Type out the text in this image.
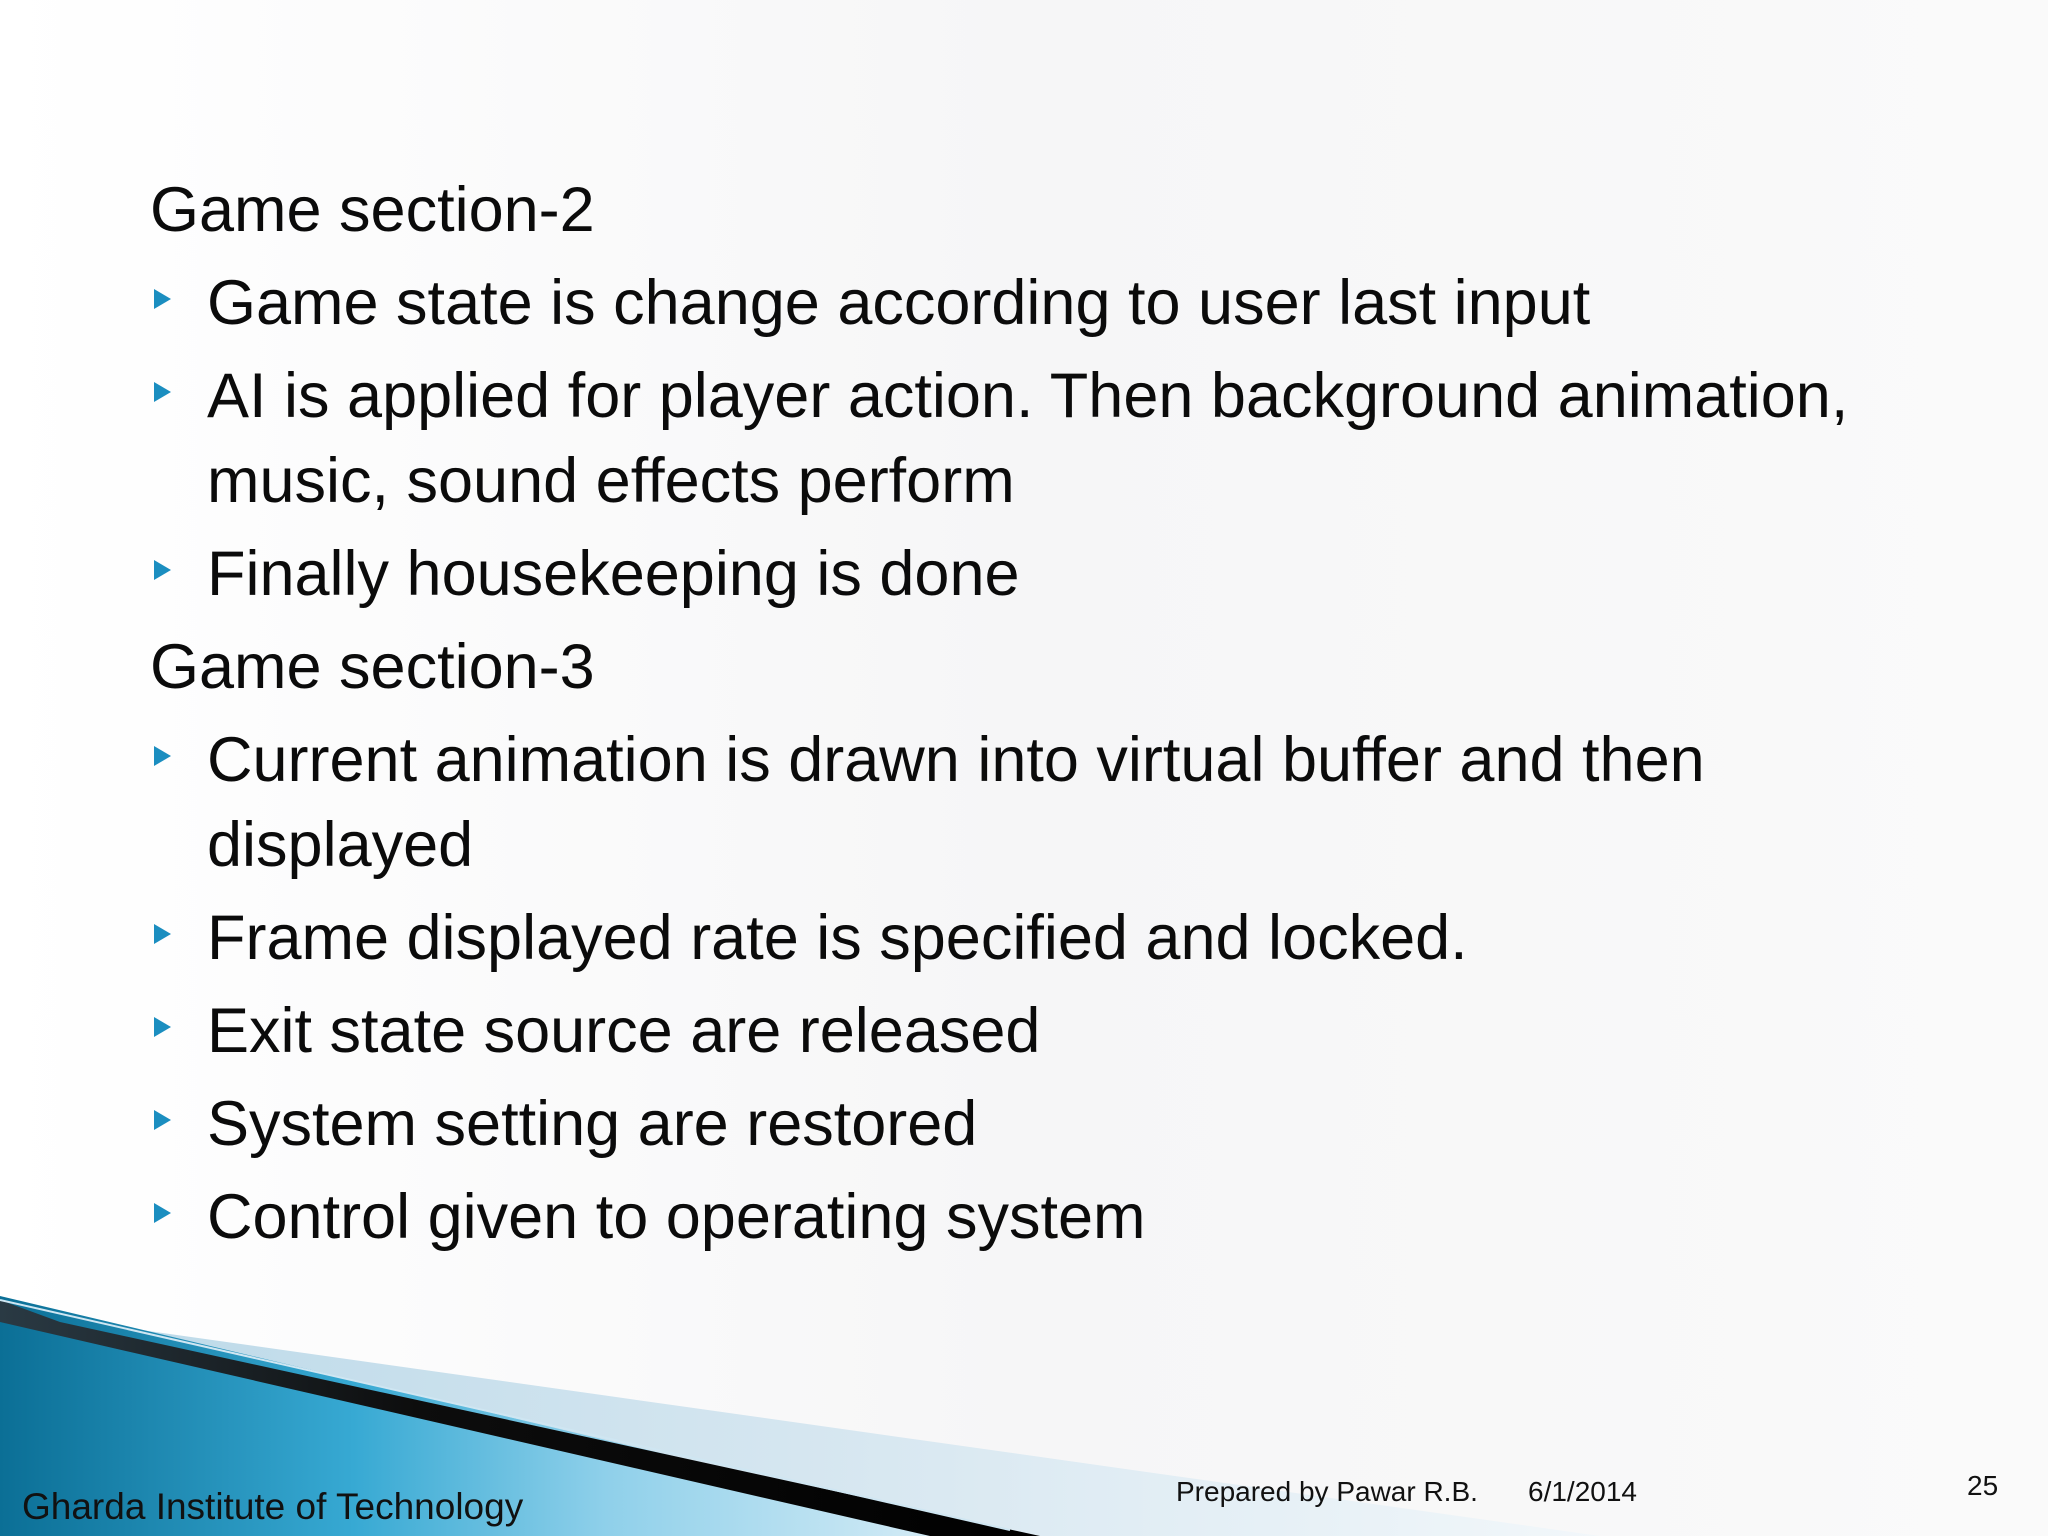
Game section-2
Game state is change according to user last input
AI is applied for player action. Then background animation, music, sound effects perform
Finally housekeeping is done
Game section-3
Current animation is drawn into virtual buffer and then displayed
Frame displayed rate is specified and locked.
Exit state source are released
System setting are restored
Control given to operating system
Gharda Institute of Technology	Prepared by Pawar R.B. 6/1/2014	25
